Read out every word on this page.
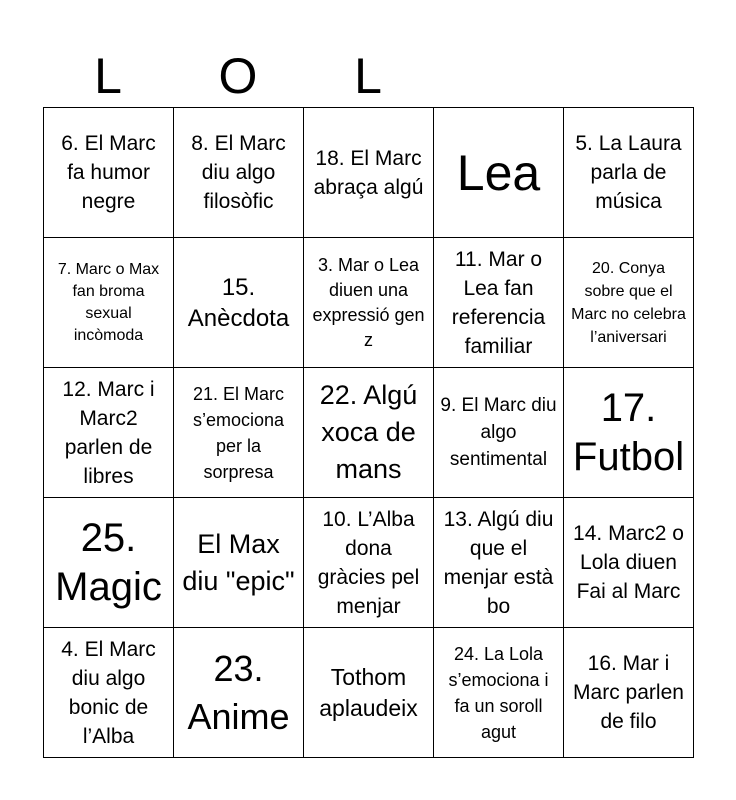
L	O	L
6. El Marc fa humor negre	8. El Marc diu algo filosòfic	18. El Marc abraça algú	Lea	5. La Laura parla de música

7. Marc o Max fan broma sexual incòmoda	15. Anècdota	3. Mar o Lea diuen una expressió gen z	11. Mar o Lea fan referencia familiar	20. Conya sobre que el Marc no celebra l’aniversari

12. Marc i Marc2 parlen de libres	21. El Marc s’emociona per la sorpresa	22. Algú xoca de mans	9. El Marc diu algo sentimental	17. Futbol

25. Magic	El Max diu "epic"	10. L’Alba dona gràcies pel menjar	13. Algú diu que el menjar està bo	14. Marc2 o Lola diuen Fai al Marc

4. El Marc diu algo bonic de l’Alba	23. Anime	Tothom aplaudeix	24. La Lola s’emociona i fa un soroll agut	16. Mar i Marc parlen de filo
